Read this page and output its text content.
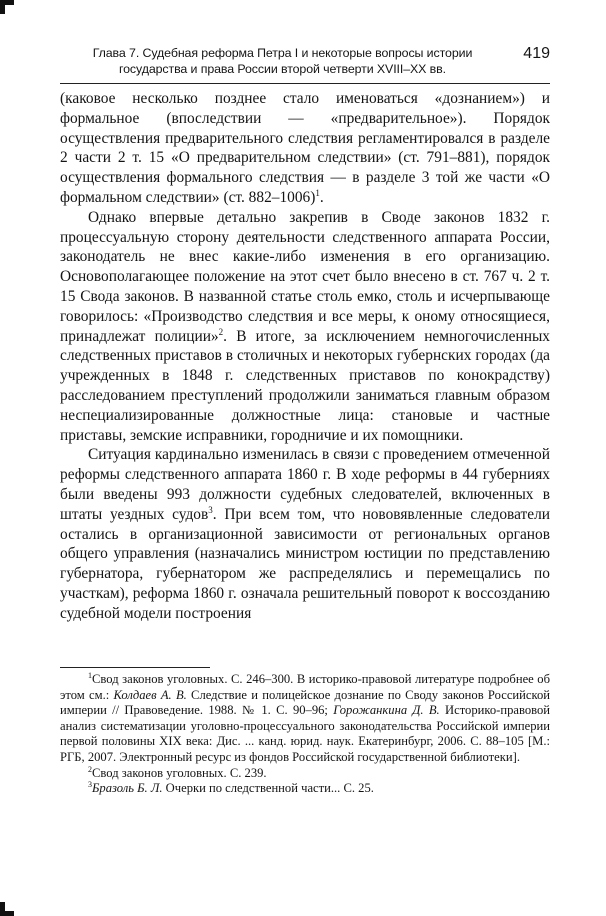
Глава 7. Судебная реформа Петра I и некоторые вопросы истории
государства и права России второй четверти XVIII–XX вв.
419

(каковое несколько позднее стало именоваться «дознанием») и формальное (впоследствии — «предварительное»). Порядок осуществления предварительного следствия регламентировался в разделе 2 части 2 т. 15 «О предварительном следствии» (ст. 791–881), порядок осуществления формального следствия — в разделе 3 той же части «О формальном следствии» (ст. 882–1006)$^1$.

Однако впервые детально закрепив в Своде законов 1832 г. процессуальную сторону деятельности следственного аппарата России, законодатель не внес какие-либо изменения в его организацию. Основополагающее положение на этот счет было внесено в ст. 767 ч. 2 т. 15 Свода законов. В названной статье столь емко, столь и исчерпывающе говорилось: «Производство следствия и все меры, к оному относящиеся, принадлежат полиции»$^2$. В итоге, за исключением немногочисленных следственных приставов в столичных и некоторых губернских городах (да учрежденных в 1848 г. следственных приставов по конокрадству) расследованием преступлений продолжили заниматься главным образом неспециализированные должностные лица: становые и частные приставы, земские исправники, городничие и их помощники.

Ситуация кардинально изменилась в связи с проведением отмеченной реформы следственного аппарата 1860 г. В ходе реформы в 44 губерниях были введены 993 должности судебных следователей, включенных в штаты уездных судов$^3$. При всем том, что нововявленные следователи остались в организационной зависимости от региональных органов общего управления (назначались министром юстиции по представлению губернатора, губернатором же распределялись и перемещались по участкам), реформа 1860 г. означала решительный поворот к воссозданию судебной модели построения

$^1$Свод законов уголовных. С. 246–300. В историко-правовой литературе подробнее об этом см.: Колдаев А. В. Следствие и полицейское дознание по Своду законов Российской империи // Правоведение. 1988. № 1. С. 90–96; Горожанкина Д. В. Историко-правовой анализ систематизации уголовно-процессуального законодательства Российской империи первой половины XIX века: Дис. ... канд. юрид. наук. Екатеринбург, 2006. С. 88–105 [М.: РГБ, 2007. Электронный ресурс из фондов Российской государственной библиотеки].

$^2$Свод законов уголовных. С. 239.

$^3$Бразоль Б. Л. Очерки по следственной части... С. 25.
